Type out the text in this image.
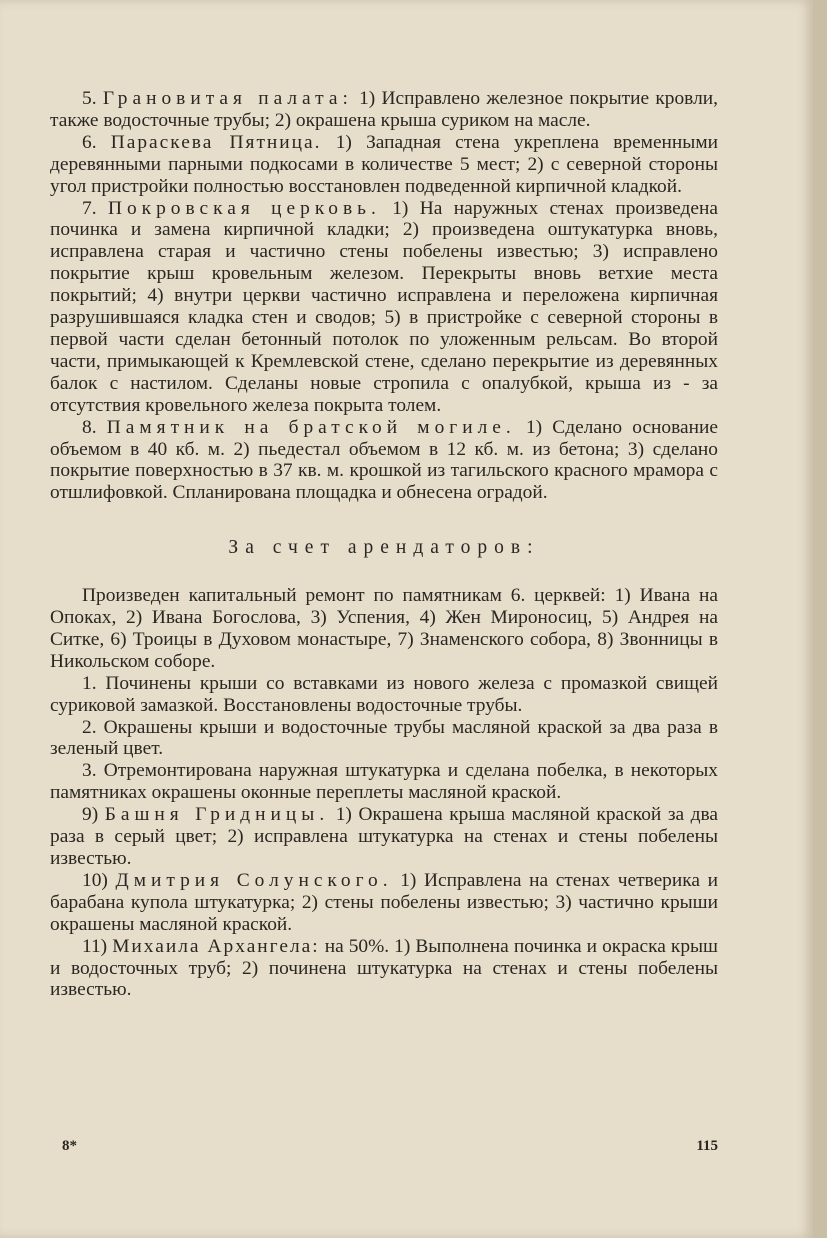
5. Грановитая палата: 1) Исправлено железное покрытие кровли, также водосточные трубы; 2) окрашена крыша суриком на масле.

6. Параскева Пятница. 1) Западная стена укреплена временными деревянными парными подкосами в количестве 5 мест; 2) с северной стороны угол пристройки полностью восстановлен подведенной кирпичной кладкой.

7. Покровская церковь. 1) На наружных стенах произведена починка и замена кирпичной кладки; 2) произведена оштукатурка вновь, исправлена старая и частично стены побелены известью; 3) исправлено покрытие крыш кровельным железом. Перекрыты вновь ветхие места покрытий; 4) внутри церкви частично исправлена и переложена кирпичная разрушившаяся кладка стен и сводов; 5) в пристройке с северной стороны в первой части сделан бетонный потолок по уложенным рельсам. Во второй части, примыкающей к Кремлевской стене, сделано перекрытие из деревянных балок с настилом. Сделаны новые стропила с опалубкой, крыша из - за отсутствия кровельного железа покрыта толем.

8. Памятник на братской могиле. 1) Сделано основание объемом в 40 кб. м. 2) пьедестал объемом в 12 кб. м. из бетона; 3) сделано покрытие поверхностью в 37 кв. м. крошкой из тагильского красного мрамора с отшлифовкой. Спланирована площадка и обнесена оградой.

За счет арендаторов:

Произведен капитальный ремонт по памятникам 6. церквей: 1) Ивана на Опоках, 2) Ивана Богослова, 3) Успения, 4) Жен Мироносиц, 5) Андрея на Ситке, 6) Троицы в Духовом монастыре, 7) Знаменского собора, 8) Звонницы в Никольском соборе.

1. Починены крыши со вставками из нового железа с промазкой свищей суриковой замазкой. Восстановлены водосточные трубы.

2. Окрашены крыши и водосточные трубы масляной краской за два раза в зеленый цвет.

3. Отремонтирована наружная штукатурка и сделана побелка, в некоторых памятниках окрашены оконные переплеты масляной краской.

9) Башня Гридницы. 1) Окрашена крыша масляной краской за два раза в серый цвет; 2) исправлена штукатурка на стенах и стены побелены известью.

10) Дмитрия Солунского. 1) Исправлена на стенах четверика и барабана купола штукатурка; 2) стены побелены известью; 3) частично крыши окрашены масляной краской.

11) Михаила Архангела: на 50%. 1) Выполнена починка и окраска крыш и водосточных труб; 2) починена штукатурка на стенах и стены побелены известью.

8*	115
